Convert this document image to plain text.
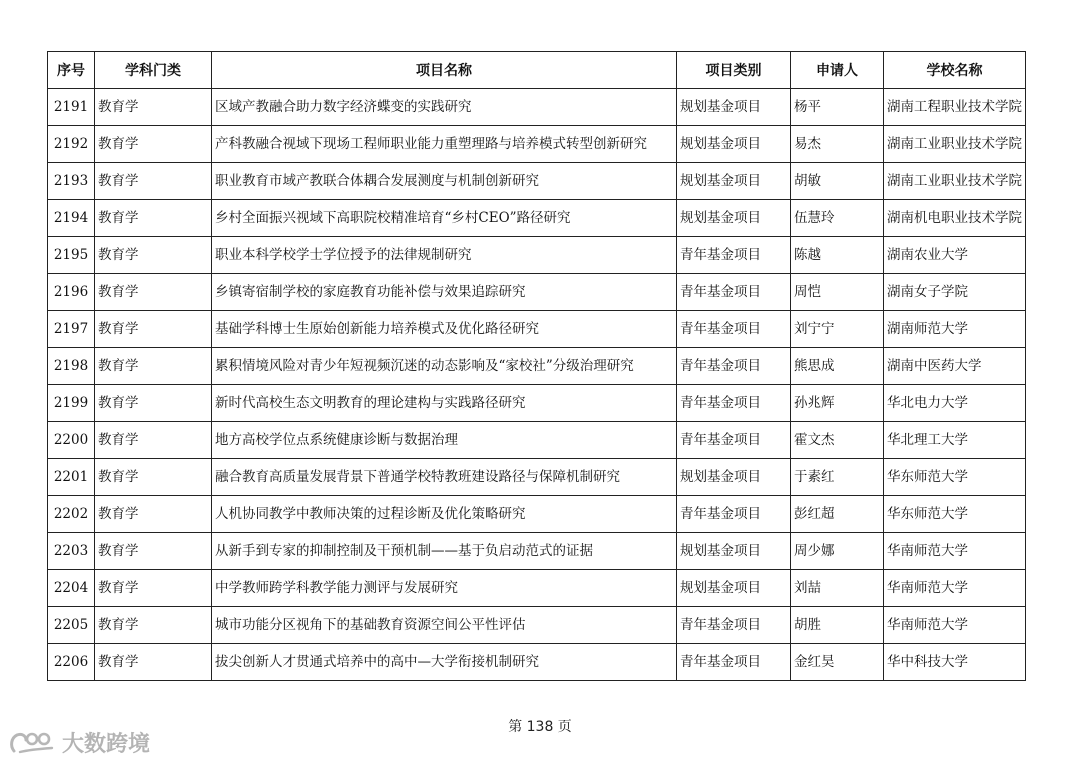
序号	学科门类	项目名称	项目类别	申请人	学校名称
2191	教育学	区域产教融合助力数字经济蝶变的实践研究	规划基金项目	杨平	湖南工程职业技术学院
2192	教育学	产科教融合视域下现场工程师职业能力重塑理路与培养模式转型创新研究	规划基金项目	易杰	湖南工业职业技术学院
2193	教育学	职业教育市域产教联合体耦合发展测度与机制创新研究	规划基金项目	胡敏	湖南工业职业技术学院
2194	教育学	乡村全面振兴视域下高职院校精准培育“乡村CEO”路径研究	规划基金项目	伍慧玲	湖南机电职业技术学院
2195	教育学	职业本科学校学士学位授予的法律规制研究	青年基金项目	陈越	湖南农业大学
2196	教育学	乡镇寄宿制学校的家庭教育功能补偿与效果追踪研究	青年基金项目	周恺	湖南女子学院
2197	教育学	基础学科博士生原始创新能力培养模式及优化路径研究	青年基金项目	刘宁宁	湖南师范大学
2198	教育学	累积情境风险对青少年短视频沉迷的动态影响及“家校社”分级治理研究	青年基金项目	熊思成	湖南中医药大学
2199	教育学	新时代高校生态文明教育的理论建构与实践路径研究	青年基金项目	孙兆辉	华北电力大学
2200	教育学	地方高校学位点系统健康诊断与数据治理	青年基金项目	霍文杰	华北理工大学
2201	教育学	融合教育高质量发展背景下普通学校特教班建设路径与保障机制研究	规划基金项目	于素红	华东师范大学
2202	教育学	人机协同教学中教师决策的过程诊断及优化策略研究	青年基金项目	彭红超	华东师范大学
2203	教育学	从新手到专家的抑制控制及干预机制——基于负启动范式的证据	规划基金项目	周少娜	华南师范大学
2204	教育学	中学教师跨学科教学能力测评与发展研究	规划基金项目	刘喆	华南师范大学
2205	教育学	城市功能分区视角下的基础教育资源空间公平性评估	青年基金项目	胡胜	华南师范大学
2206	教育学	拔尖创新人才贯通式培养中的高中—大学衔接机制研究	青年基金项目	金红昊	华中科技大学
第 138 页
大数跨境
